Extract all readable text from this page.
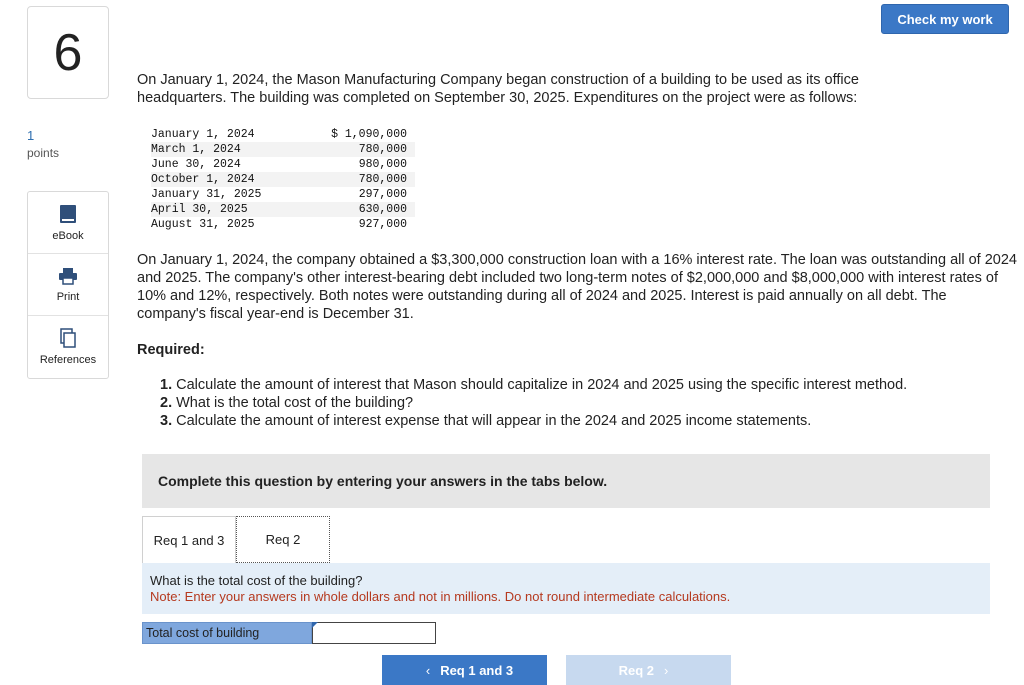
6
1
points
eBook
Print
References
Check my work
On January 1, 2024, the Mason Manufacturing Company began construction of a building to be used as its office headquarters. The building was completed on September 30, 2025. Expenditures on the project were as follows:
January 1, 2024	$ 1,090,000
March 1, 2024	780,000
June 30, 2024	980,000
October 1, 2024	780,000
January 31, 2025	297,000
April 30, 2025	630,000
August 31, 2025	927,000
On January 1, 2024, the company obtained a $3,300,000 construction loan with a 16% interest rate. The loan was outstanding all of 2024 and 2025. The company's other interest-bearing debt included two long-term notes of $2,000,000 and $8,000,000 with interest rates of 10% and 12%, respectively. Both notes were outstanding during all of 2024 and 2025. Interest is paid annually on all debt. The company's fiscal year-end is December 31.
Required:
1. Calculate the amount of interest that Mason should capitalize in 2024 and 2025 using the specific interest method.
2. What is the total cost of the building?
3. Calculate the amount of interest expense that will appear in the 2024 and 2025 income statements.
Complete this question by entering your answers in the tabs below.
Req 1 and 3	Req 2
What is the total cost of the building?
Note: Enter your answers in whole dollars and not in millions. Do not round intermediate calculations.
Total cost of building
‹ Req 1 and 3	Req 2 ›
